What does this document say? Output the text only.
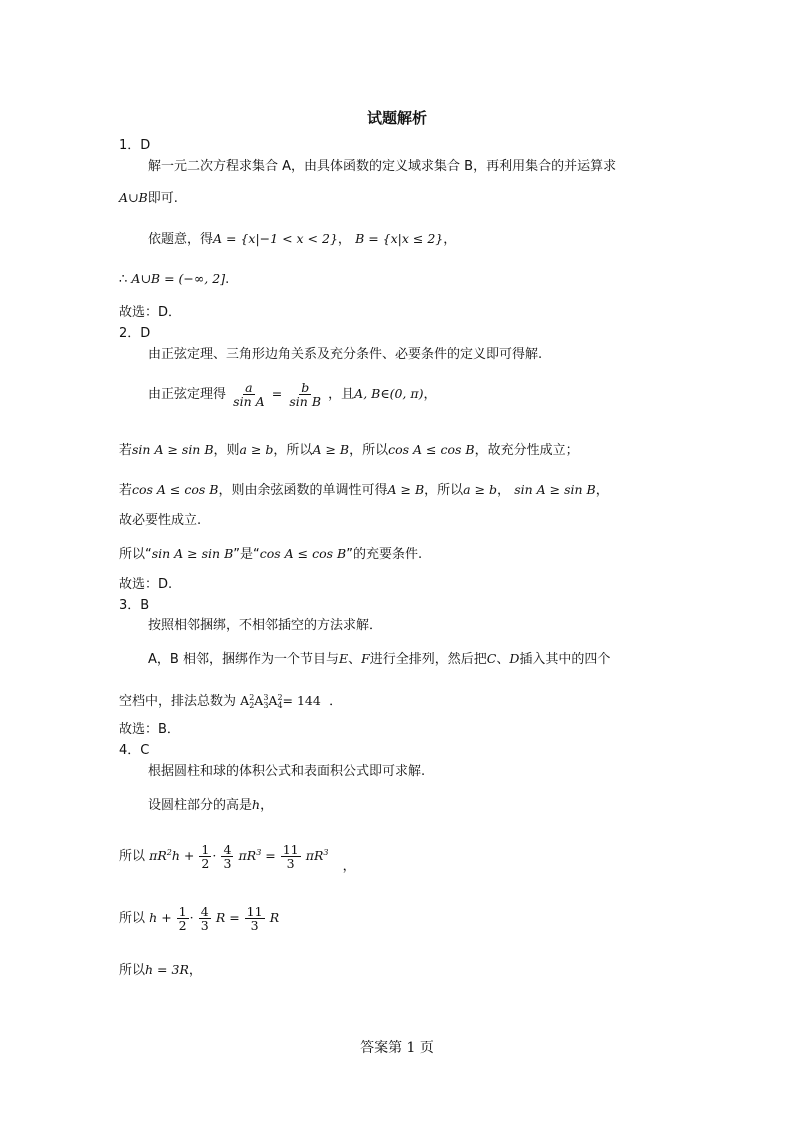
试题解析
1．D
解一元二次方程求集合 A，由具体函数的定义域求集合 B，再利用集合的并运算求
A∪B即可.
依题意，得A = {x|−1 < x < 2}， B = {x|x ≤ 2}，
∴ A∪B = (−∞, 2].
故选：D．
2．D
由正弦定理、三角形边角关系及充分条件、必要条件的定义即可得解.
由正弦定理得 $\frac{a}{\text{sin A}} = \frac{b}{\text{sin B}}$ ，且A, B∈(0, π)，
若sin A ≥ sin B，则a ≥ b，所以A ≥ B，所以cos A ≤ cos B，故充分性成立；
若cos A ≤ cos B，则由余弦函数的单调性可得A ≥ B，所以a ≥ b， sin A ≥ sin B，
故必要性成立.
所以“sin A ≥ sin B”是“cos A ≤ cos B”的充要条件.
故选：D.
3．B
按照相邻捆绑，不相邻插空的方法求解．
A，B 相邻，捆绑作为一个节目与E、F进行全排列，然后把C、D插入其中的四个
空档中，排法总数为 A 2
2 A 3
3 A 2
4 = 144 ．
故选：B．
4．C
根据圆柱和球的体积公式和表面积公式即可求解.
设圆柱部分的高是h，
所以 $\pi R^2h + \frac{1}{2} \cdot \frac{4}{3} \pi R^3 = \frac{11}{3} \pi R^3$ ，
所以 $h + \frac{1}{2} \cdot \frac{4}{3}$ $R = \frac{11}{3}$ R
所以h = 3R，
答案第 1 页
